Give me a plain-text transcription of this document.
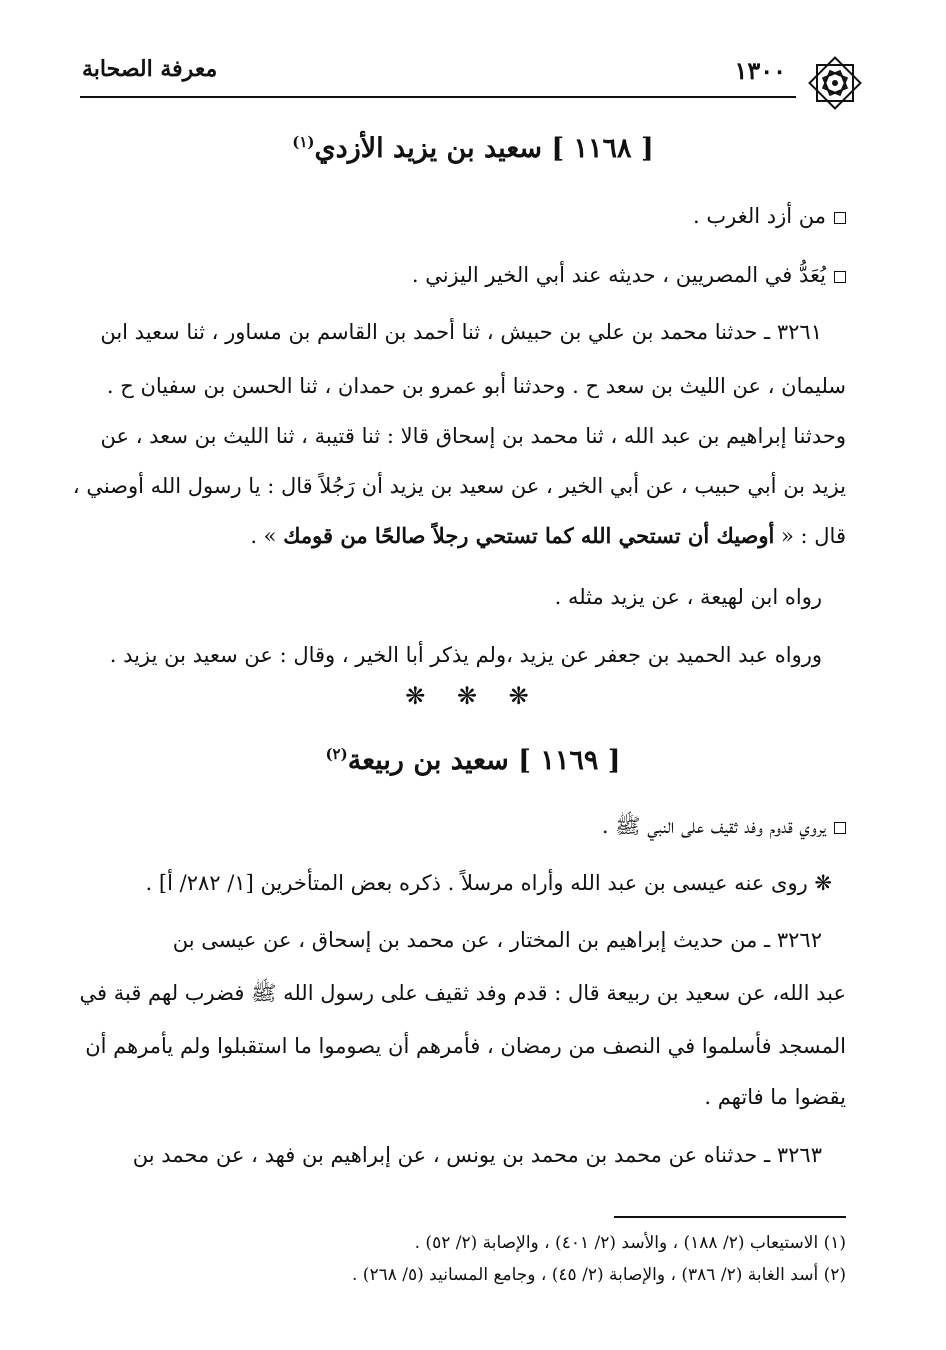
١٣٠٠
معرفة الصحابة
[ ١١٦٨ ] سعيد بن يزيد الأزدي$^{(١)}$
من أزد الغرب .
يُعَدُّ في المصريين ، حديثه عند أبي الخير اليزني .
٣٢٦١ ـ حدثنا محمد بن علي بن حبيش ، ثنا أحمد بن القاسم بن مساور ، ثنا سعيد ابن
سليمان ، عن الليث بن سعد ح . وحدثنا أبو عمرو بن حمدان ، ثنا الحسن بن سفيان ح .
وحدثنا إبراهيم بن عبد الله ، ثنا محمد بن إسحاق قالا : ثنا قتيبة ، ثنا الليث بن سعد ، عن
يزيد بن أبي حبيب ، عن أبي الخير ، عن سعيد بن يزيد أن رَجُلاً قال : يا رسول الله أوصني ،
قال : « أوصيك أن تستحي الله كما تستحي رجلاً صالحًا من قومك » .
رواه ابن لهيعة ، عن يزيد مثله .
ورواه عبد الحميد بن جعفر عن يزيد ،ولم يذكر أبا الخير ، وقال : عن سعيد بن يزيد .
❋ ❋ ❋
[ ١١٦٩ ] سعيد بن ربيعة$^{(٢)}$
يروي قدوم وفد ثقيف على النبي ﷺ .
❋ روى عنه عيسى بن عبد الله وأراه مرسلاً . ذكره بعض المتأخرين [١/ ٢٨٢/ أ] .
٣٢٦٢ ـ من حديث إبراهيم بن المختار ، عن محمد بن إسحاق ، عن عيسى بن
عبد الله، عن سعيد بن ربيعة قال : قدم وفد ثقيف على رسول الله ﷺ فضرب لهم قبة في
المسجد فأسلموا في النصف من رمضان ، فأمرهم أن يصوموا ما استقبلوا ولم يأمرهم أن
يقضوا ما فاتهم .
٣٢٦٣ ـ حدثناه عن محمد بن محمد بن يونس ، عن إبراهيم بن فهد ، عن محمد بن
(١) الاستيعاب (٢/ ١٨٨) ، والأسد (٢/ ٤٠١) ، والإصابة (٢/ ٥٢) .
(٢) أسد الغابة (٢/ ٣٨٦) ، والإصابة (٢/ ٤٥) ، وجامع المسانيد (٥/ ٢٦٨) .
